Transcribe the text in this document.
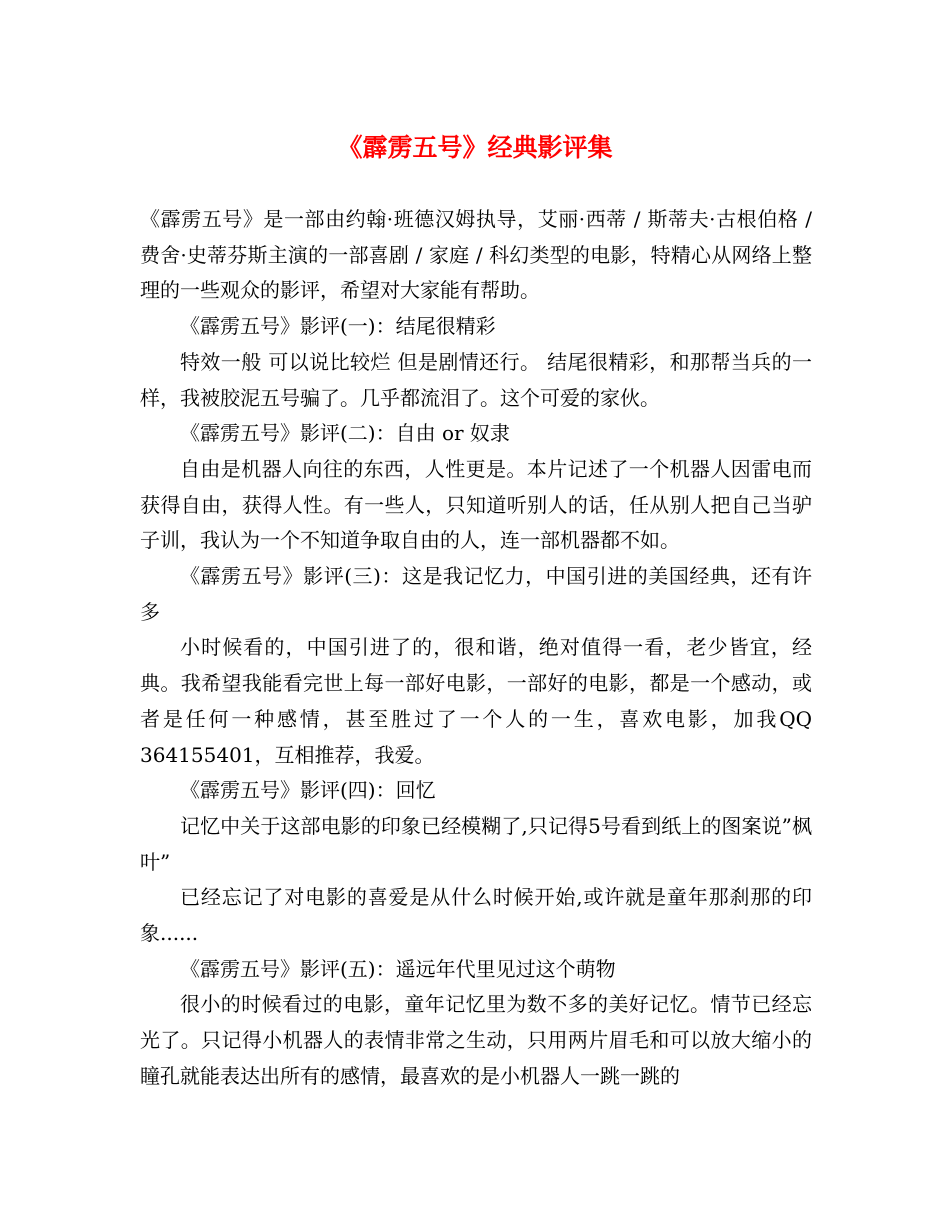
《霹雳五号》经典影评集

《霹雳五号》是一部由约翰·班德汉姆执导，艾丽·西蒂 / 斯蒂夫·古根伯格 / 费舍·史蒂芬斯主演的一部喜剧 / 家庭 / 科幻类型的电影，特精心从网络上整理的一些观众的影评，希望对大家能有帮助。

《霹雳五号》影评(一)：结尾很精彩

特效一般 可以说比较烂 但是剧情还行。 结尾很精彩，和那帮当兵的一样，我被胶泥五号骗了。几乎都流泪了。这个可爱的家伙。

《霹雳五号》影评(二)：自由 or 奴隶

自由是机器人向往的东西，人性更是。本片记述了一个机器人因雷电而获得自由，获得人性。有一些人，只知道听别人的话，任从别人把自己当驴子训，我认为一个不知道争取自由的人，连一部机器都不如。

《霹雳五号》影评(三)：这是我记忆力，中国引进的美国经典，还有许多

小时候看的，中国引进了的，很和谐，绝对值得一看，老少皆宜，经典。我希望我能看完世上每一部好电影，一部好的电影，都是一个感动，或者是任何一种感情，甚至胜过了一个人的一生，喜欢电影，加我QQ 364155401，互相推荐，我爱。

《霹雳五号》影评(四)：回忆

记忆中关于这部电影的印象已经模糊了,只记得5号看到纸上的图案说”枫叶”

已经忘记了对电影的喜爱是从什么时候开始,或许就是童年那刹那的印象......

《霹雳五号》影评(五)：遥远年代里见过这个萌物

很小的时候看过的电影，童年记忆里为数不多的美好记忆。情节已经忘光了。只记得小机器人的表情非常之生动，只用两片眉毛和可以放大缩小的瞳孔就能表达出所有的感情，最喜欢的是小机器人一跳一跳的
